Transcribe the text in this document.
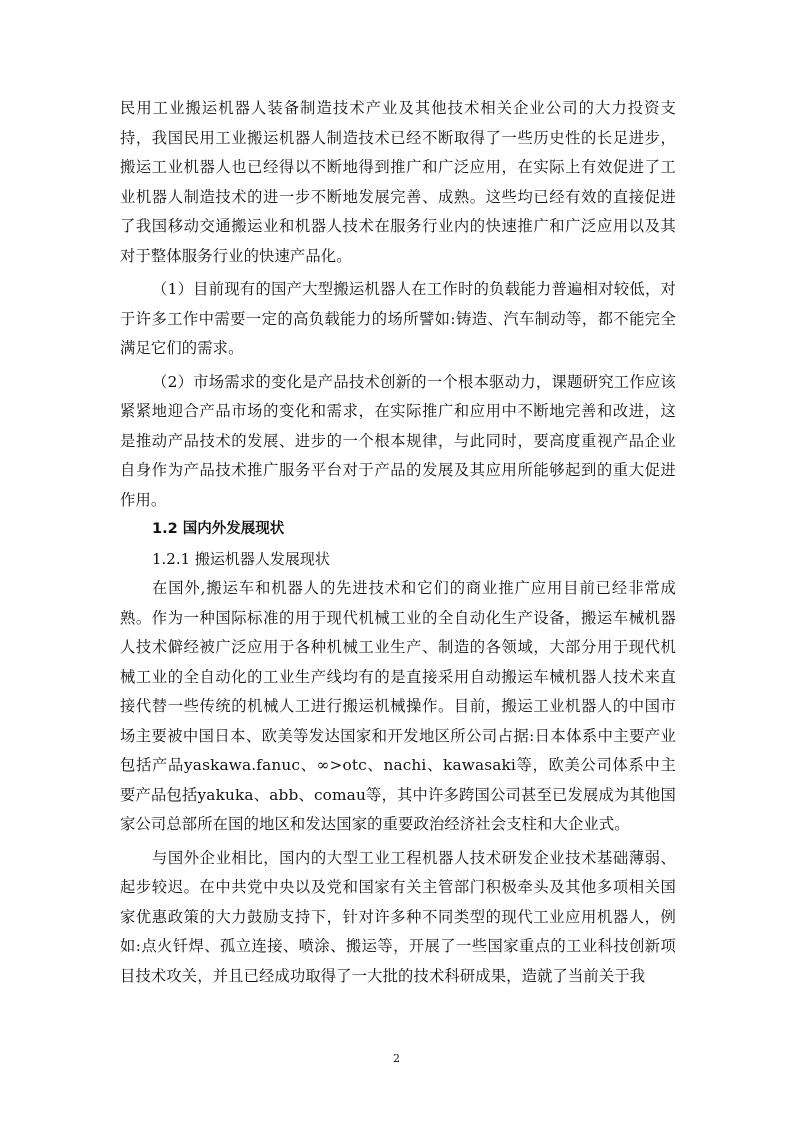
民用工业搬运机器人装备制造技术产业及其他技术相关企业公司的大力投资支持，我国民用工业搬运机器人制造技术已经不断取得了一些历史性的长足进步，搬运工业机器人也已经得以不断地得到推广和广泛应用，在实际上有效促进了工业机器人制造技术的进一步不断地发展完善、成熟。这些均已经有效的直接促进了我国移动交通搬运业和机器人技术在服务行业内的快速推广和广泛应用以及其对于整体服务行业的快速产品化。

（1）目前现有的国产大型搬运机器人在工作时的负载能力普遍相对较低，对于许多工作中需要一定的高负载能力的场所譬如:铸造、汽车制动等，都不能完全满足它们的需求。

（2）市场需求的变化是产品技术创新的一个根本驱动力，课题研究工作应该紧紧地迎合产品市场的变化和需求，在实际推广和应用中不断地完善和改进，这是推动产品技术的发展、进步的一个根本规律，与此同时，要高度重视产品企业自身作为产品技术推广服务平台对于产品的发展及其应用所能够起到的重大促进作用。

1.2 国内外发展现状
1.2.1 搬运机器人发展现状

在国外,搬运车和机器人的先进技术和它们的商业推广应用目前已经非常成熟。作为一种国际标准的用于现代机械工业的全自动化生产设备，搬运车械机器人技术僻经被广泛应用于各种机械工业生产、制造的各领域，大部分用于现代机械工业的全自动化的工业生产线均有的是直接采用自动搬运车械机器人技术来直接代替一些传统的机械人工进行搬运机械操作。目前，搬运工业机器人的中国市场主要被中国日本、欧美等发达国家和开发地区所公司占据:日本体系中主要产业包括产品yaskawa.fanuc、∞>otc、nachi、kawasaki等，欧美公司体系中主要产品包括yakuka、abb、comau等，其中许多跨国公司甚至已发展成为其他国家公司总部所在国的地区和发达国家的重要政治经济社会支柱和大企业式。

与国外企业相比，国内的大型工业工程机器人技术研发企业技术基础薄弱、起步较迟。在中共党中央以及党和国家有关主管部门积极牵头及其他多项相关国家优惠政策的大力鼓励支持下，针对许多种不同类型的现代工业应用机器人，例如:点火钎焊、孤立连接、喷涂、搬运等，开展了一些国家重点的工业科技创新项目技术攻关，并且已经成功取得了一大批的技术科研成果，造就了当前关于我

2
